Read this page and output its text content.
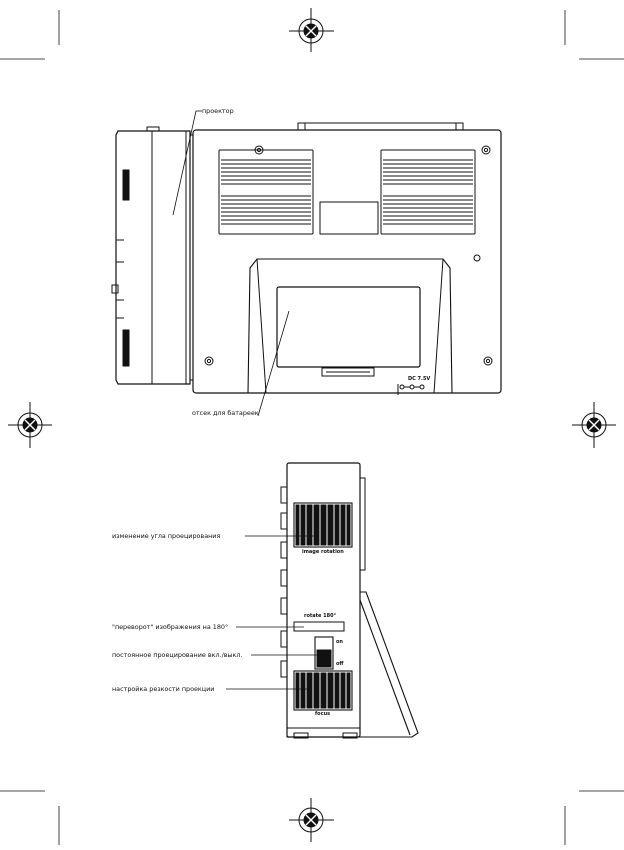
проектор
отсек для батареек
DC 7.5V
изменение угла проецирования
"переворот" изображения на 180°
постоянное проецирование вкл./выкл.
настройка резкости проекции
image rotation
rotate 180°
on
off
focus
